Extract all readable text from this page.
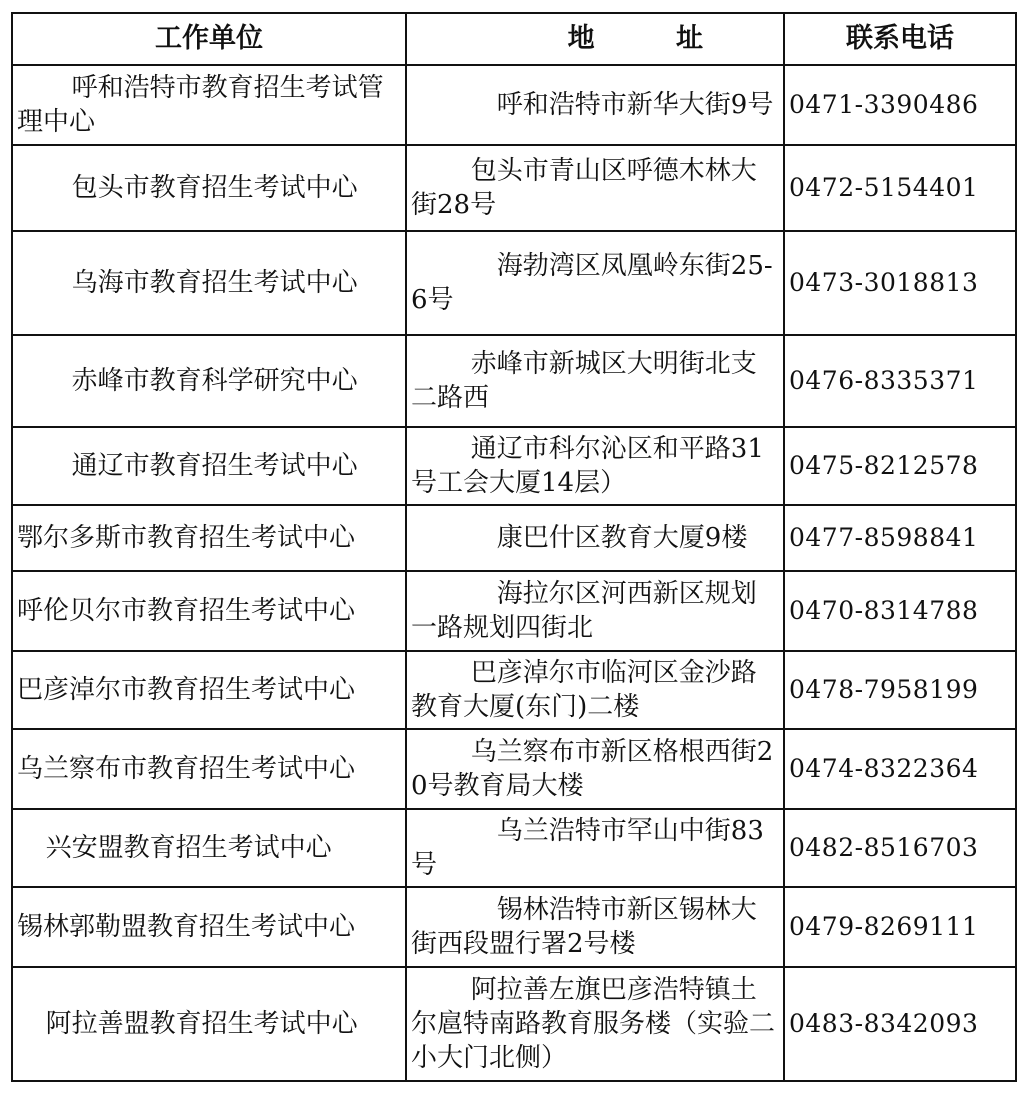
工作单位	地 址	联系电话
呼和浩特市教育招生考试管理中心	呼和浩特市新华大街9号	0471-3390486
包头市教育招生考试中心	包头市青山区呼德木林大街28号	0472-5154401
乌海市教育招生考试中心	海勃湾区凤凰岭东街25-6号	0473-3018813
赤峰市教育科学研究中心	赤峰市新城区大明街北支二路西	0476-8335371
通辽市教育招生考试中心	通辽市科尔沁区和平路31号工会大厦14层）	0475-8212578
鄂尔多斯市教育招生考试中心	康巴什区教育大厦9楼	0477-8598841
呼伦贝尔市教育招生考试中心	海拉尔区河西新区规划一路规划四街北	0470-8314788
巴彦淖尔市教育招生考试中心	巴彦淖尔市临河区金沙路教育大厦(东门)二楼	0478-7958199
乌兰察布市教育招生考试中心	乌兰察布市新区格根西街20号教育局大楼	0474-8322364
兴安盟教育招生考试中心	乌兰浩特市罕山中街83号	0482-8516703
锡林郭勒盟教育招生考试中心	锡林浩特市新区锡林大街西段盟行署2号楼	0479-8269111
阿拉善盟教育招生考试中心	阿拉善左旗巴彦浩特镇土尔扈特南路教育服务楼（实验二小大门北侧）	0483-8342093
